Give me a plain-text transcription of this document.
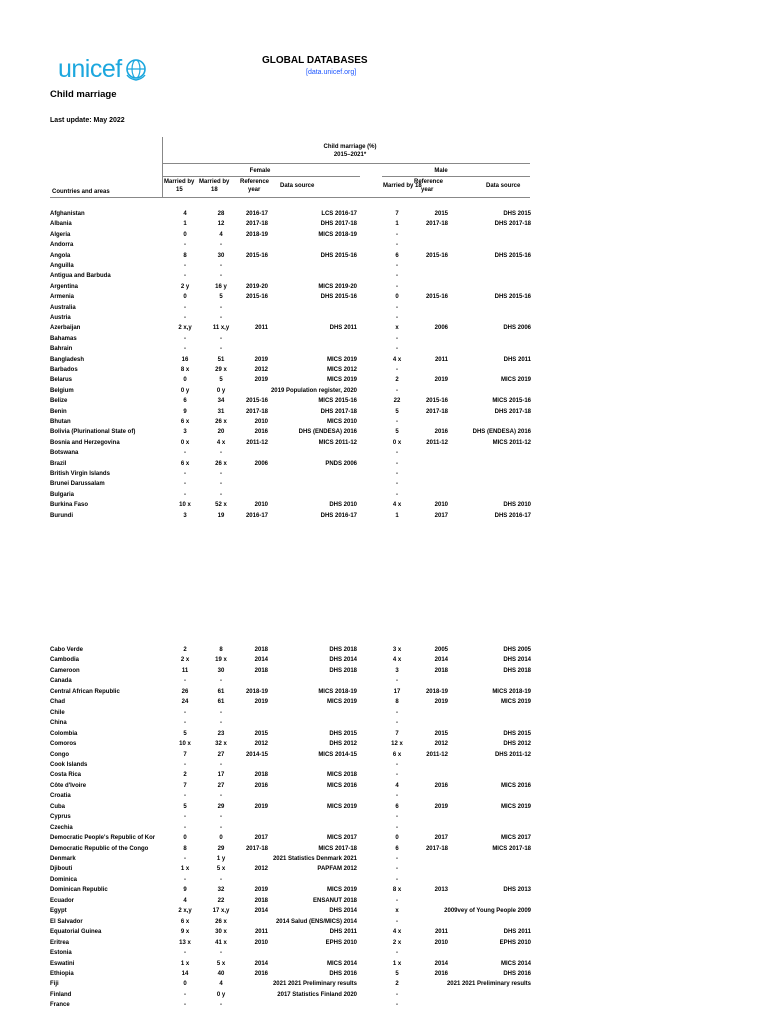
unicef	GLOBAL DATABASES
[data.unicef.org]
Child marriage
Last update: May 2022
Child marriage (%)
2015–2021*
Female	Male
Countries and areas
Married by
15
Married by
18
Reference
year
Data source	Married by 18
Reference
year
Data source
Afghanistan	4	28	2016-17	LCS 2016-17	7	2015	DHS 2015
Albania	1	12	2017-18	DHS 2017-18	1	2017-18	DHS 2017-18
Algeria	0	4	2018-19	MICS 2018-19	-
Andorra	-	-	-
Angola	8	30	2015-16	DHS 2015-16	6	2015-16	DHS 2015-16
Anguilla	-	-	-
Antigua and Barbuda	-	-	-
Argentina	2 y	16 y	2019-20	MICS 2019-20	-
Armenia	0	5	2015-16	DHS 2015-16	0	2015-16	DHS 2015-16
Australia	-	-	-
Austria	-	-	-
Azerbaijan	2 x,y	11 x,y	2011	DHS 2011	x	2006	DHS 2006
Bahamas	-	-	-
Bahrain	-	-	-
Bangladesh	16	51	2019	MICS 2019	4 x	2011	DHS 2011
Barbados	8 x	29 x	2012	MICS 2012	-
Belarus	0	5	2019	MICS 2019	2	2019	MICS 2019
Belgium	0 y	0 y	2019 Population register, 2020	-
Belize	6	34	2015-16	MICS 2015-16	22	2015-16	MICS 2015-16
Benin	9	31	2017-18	DHS 2017-18	5	2017-18	DHS 2017-18
Bhutan	6 x	26 x	2010	MICS 2010	-
Bolivia (Plurinational State of)	3	20	2016	DHS (ENDESA) 2016	5	2016	DHS (ENDESA) 2016
Bosnia and Herzegovina	0 x	4 x	2011-12	MICS 2011-12	0 x	2011-12	MICS 2011-12
Botswana	-	-	-
Brazil	6 x	26 x	2006	PNDS 2006	-
British Virgin Islands	-	-	-
Brunei Darussalam	-	-	-
Bulgaria	-	-	-
Burkina Faso	10 x	52 x	2010	DHS 2010	4 x	2010	DHS 2010
Burundi	3	19	2016-17	DHS 2016-17	1	2017	DHS 2016-17
Cabo Verde	2	8	2018	DHS 2018	3 x	2005	DHS 2005
Cambodia	2 x	19 x	2014	DHS 2014	4 x	2014	DHS 2014
Cameroon	11	30	2018	DHS 2018	3	2018	DHS 2018
Canada	-	-	-
Central African Republic	26	61	2018-19	MICS 2018-19	17	2018-19	MICS 2018-19
Chad	24	61	2019	MICS 2019	8	2019	MICS 2019
Chile	-	-	-
China	-	-	-
Colombia	5	23	2015	DHS 2015	7	2015	DHS 2015
Comoros	10 x	32 x	2012	DHS 2012	12 x	2012	DHS 2012
Congo	7	27	2014-15	MICS 2014-15	6 x	2011-12	DHS 2011-12
Cook Islands	-	-	-
Costa Rica	2	17	2018	MICS 2018	-
Côte d'Ivoire	7	27	2016	MICS 2016	4	2016	MICS 2016
Croatia	-	-	-
Cuba	5	29	2019	MICS 2019	6	2019	MICS 2019
Cyprus	-	-	-
Czechia	-	-	-
Democratic People's Republic of Kor	0	0	2017	MICS 2017	0	2017	MICS 2017
Democratic Republic of the Congo	8	29	2017-18	MICS 2017-18	6	2017-18	MICS 2017-18
Denmark	-	1 y	2021 Statistics Denmark 2021	-
Djibouti	1 x	5 x	2012	PAPFAM 2012	-
Dominica	-	-	-
Dominican Republic	9	32	2019	MICS 2019	8 x	2013	DHS 2013
Ecuador	4	22	2018	ENSANUT 2018	-
Egypt	2 x,y	17 x,y	2014	DHS 2014	x	2009vey of Young People 2009
El Salvador	6 x	26 x	2014 Salud (ENS/MICS) 2014	-
Equatorial Guinea	9 x	30 x	2011	DHS 2011	4 x	2011	DHS 2011
Eritrea	13 x	41 x	2010	EPHS 2010	2 x	2010	EPHS 2010
Estonia	-	-	-
Eswatini	1 x	5 x	2014	MICS 2014	1 x	2014	MICS 2014
Ethiopia	14	40	2016	DHS 2016	5	2016	DHS 2016
Fiji	0	4	2021 2021 Preliminary results	2	2021 2021 Preliminary results
Finland	-	0 y	2017 Statistics Finland 2020	-
France	-	-	-
